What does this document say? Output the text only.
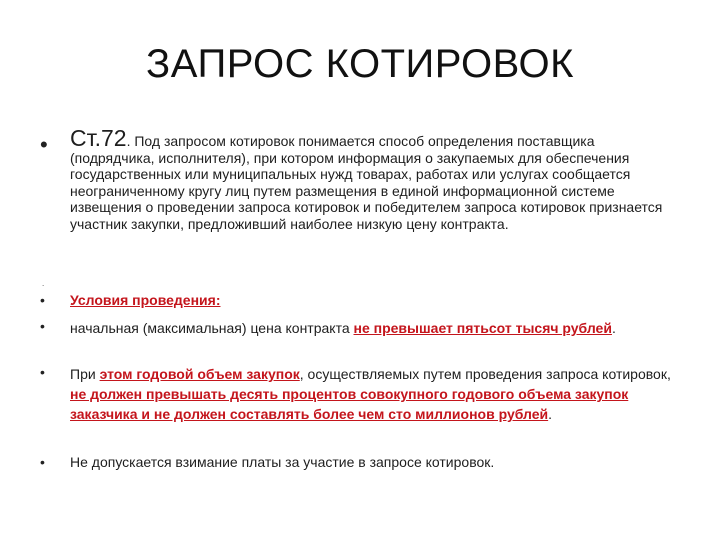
ЗАПРОС КОТИРОВОК
• Ст.72. Под запросом котировок понимается способ определения поставщика (подрядчика, исполнителя), при котором информация о закупаемых для обеспечения государственных или муниципальных нужд товарах, работах или услугах сообщается неограниченному кругу лиц путем размещения в единой информационной системе извещения о проведении запроса котировок и победителем запроса котировок признается участник закупки, предложивший наиболее низкую цену контракта.
.
• Условия проведения:
• начальная (максимальная) цена контракта не превышает пятьсот тысяч рублей.
• При этом годовой объем закупок, осуществляемых путем проведения запроса котировок, не должен превышать десять процентов совокупного годового объема закупок заказчика и не должен составлять более чем сто миллионов рублей.
• Не допускается взимание платы за участие в запросе котировок.
